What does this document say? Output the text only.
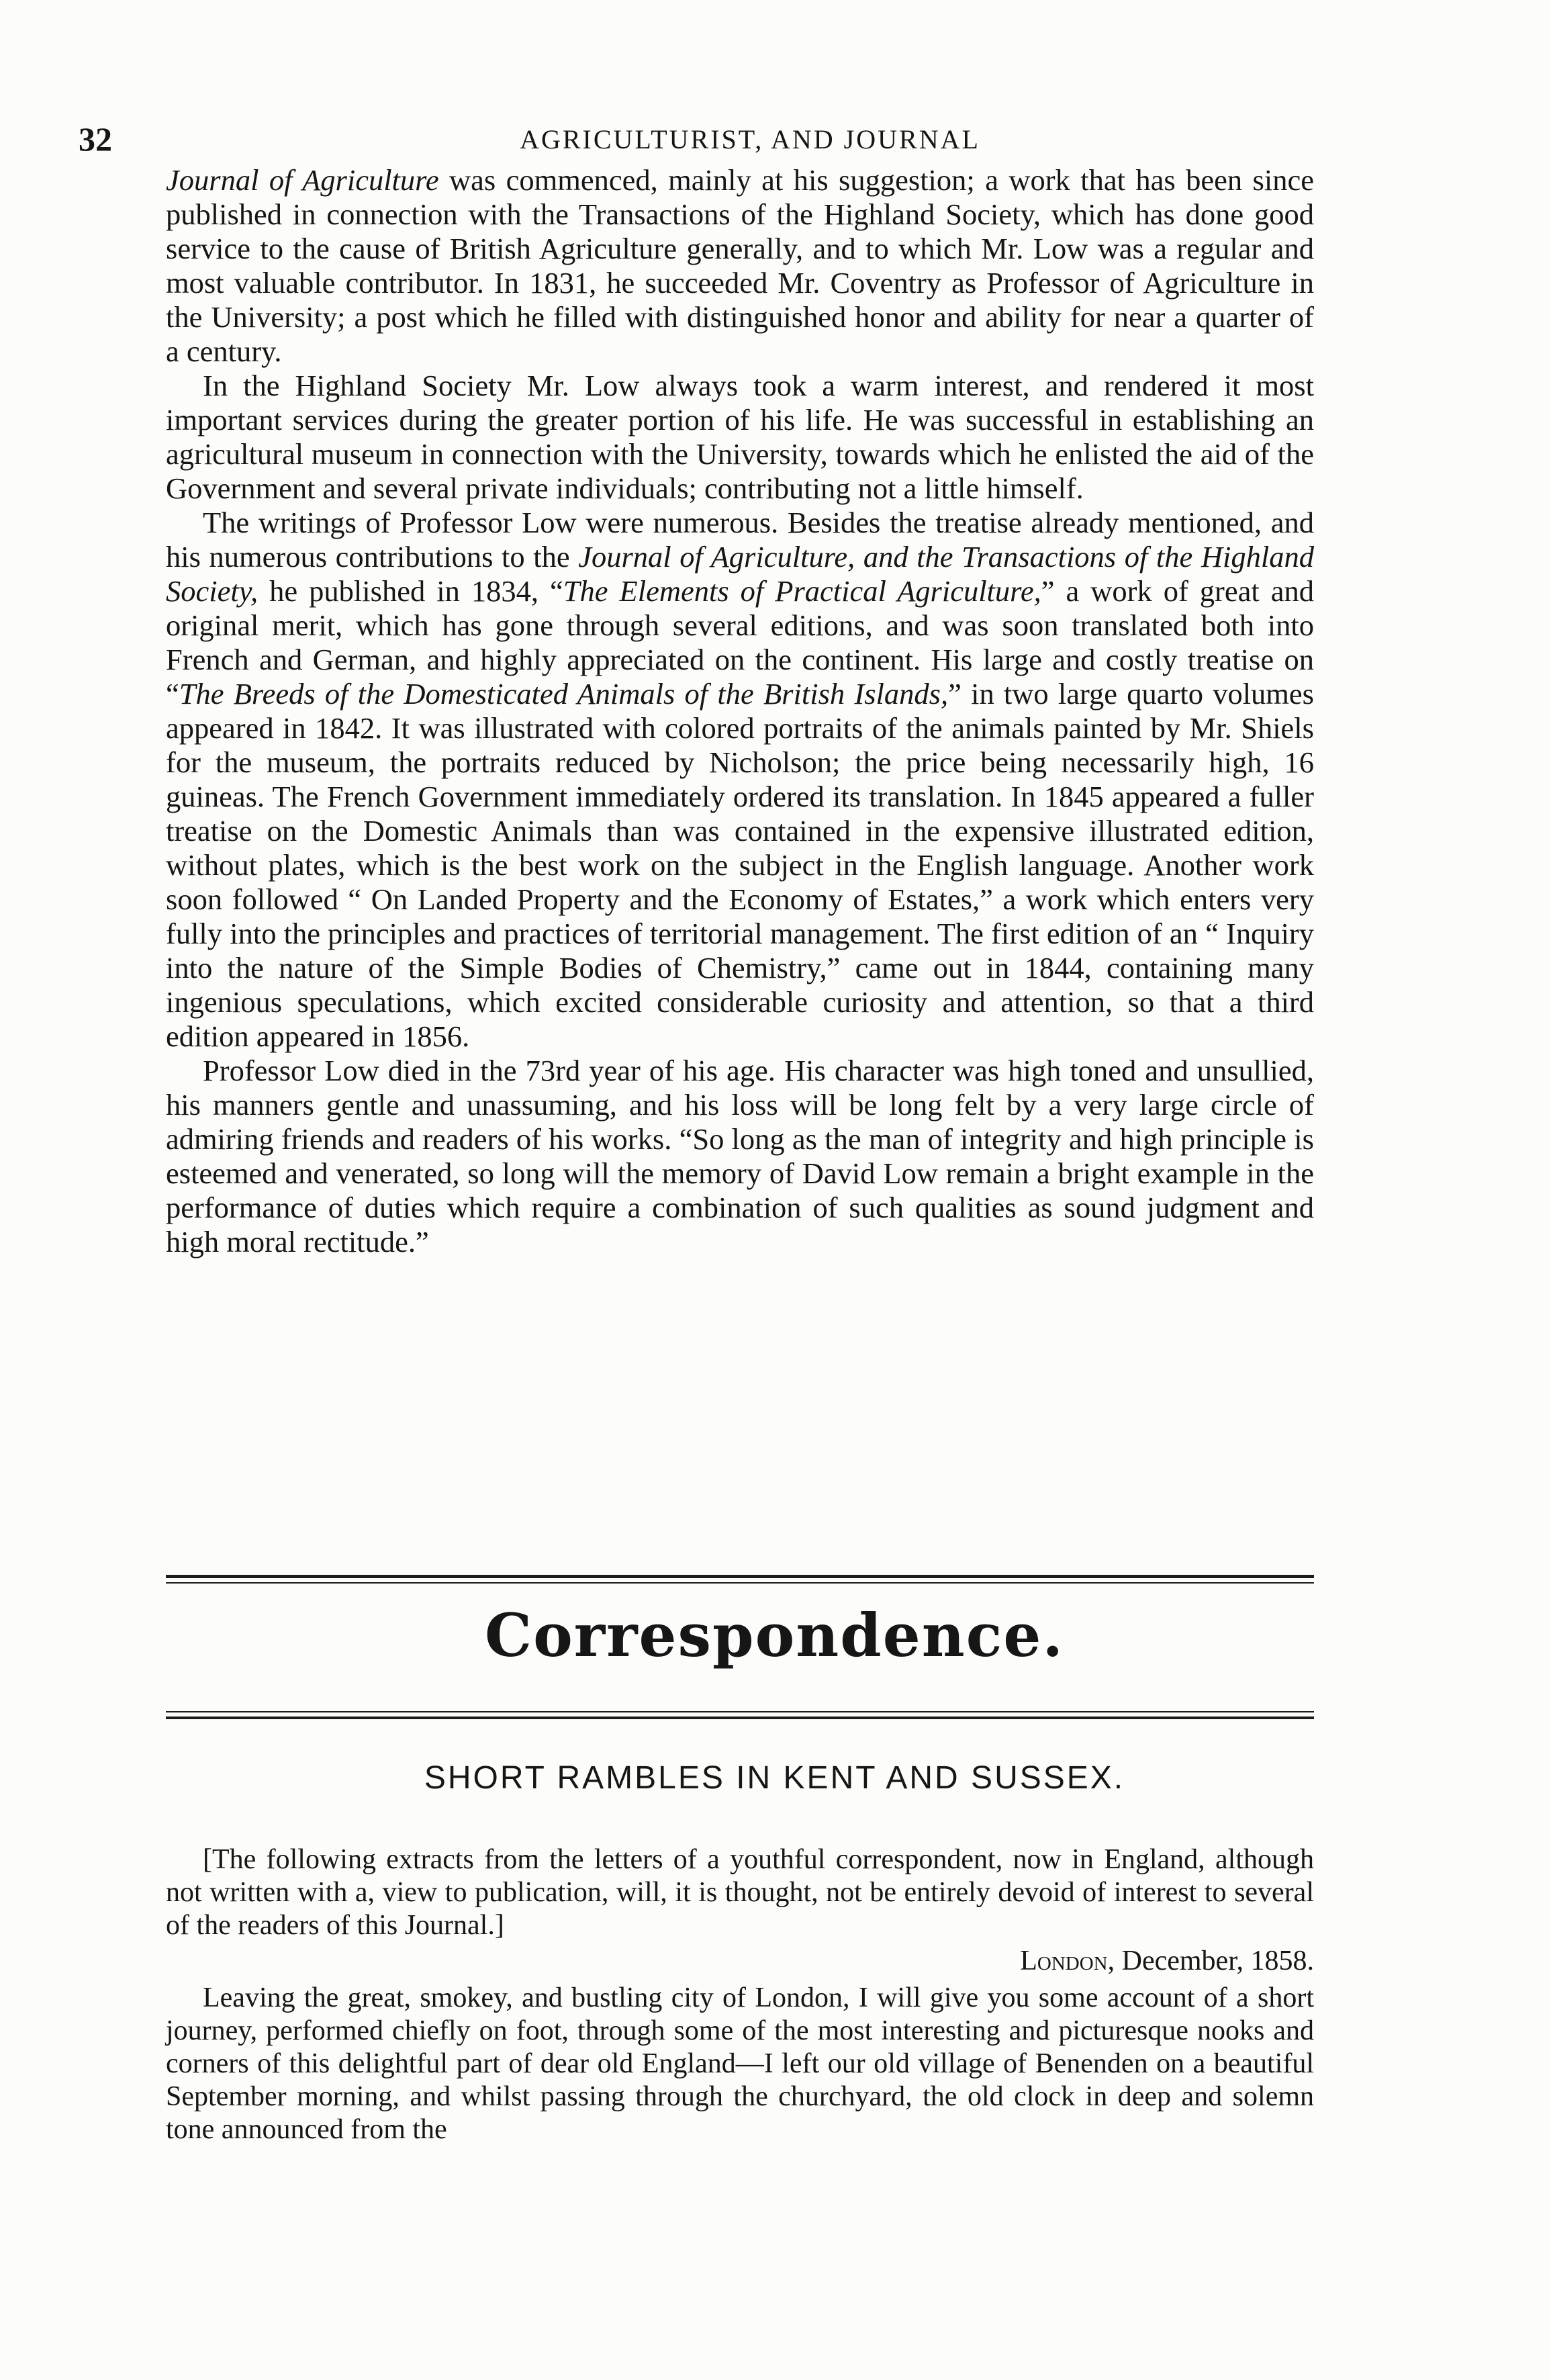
32	AGRICULTURIST, AND JOURNAL

Journal of Agriculture was commenced, mainly at his suggestion; a work that has been since published in connection with the Transactions of the Highland Society, which has done good service to the cause of British Agriculture generally, and to which Mr. Low was a regular and most valuable contributor. In 1831, he succeeded Mr. Coventry as Professor of Agriculture in the University; a post which he filled with distinguished honor and ability for near a quarter of a century.

In the Highland Society Mr. Low always took a warm interest, and rendered it most important services during the greater portion of his life. He was successful in establishing an agricultural museum in connection with the University, towards which he enlisted the aid of the Government and several private individuals; contributing not a little himself.

The writings of Professor Low were numerous. Besides the treatise already mentioned, and his numerous contributions to the Journal of Agriculture, and the Transactions of the Highland Society, he published in 1834, “The Elements of Practical Agriculture,” a work of great and original merit, which has gone through several editions, and was soon translated both into French and German, and highly appreciated on the continent. His large and costly treatise on “The Breeds of the Domesticated Animals of the British Islands,” in two large quarto volumes appeared in 1842. It was illustrated with colored portraits of the animals painted by Mr. Shiels for the museum, the portraits reduced by Nicholson; the price being necessarily high, 16 guineas. The French Government immediately ordered its translation. In 1845 appeared a fuller treatise on the Domestic Animals than was contained in the expensive illustrated edition, without plates, which is the best work on the subject in the English language. Another work soon followed “ On Landed Property and the Economy of Estates,” a work which enters very fully into the principles and practices of territorial management. The first edition of an “ Inquiry into the nature of the Simple Bodies of Chemistry,” came out in 1844, containing many ingenious speculations, which excited considerable curiosity and attention, so that a third edition appeared in 1856.

Professor Low died in the 73rd year of his age. His character was high toned and unsullied, his manners gentle and unassuming, and his loss will be long felt by a very large circle of admiring friends and readers of his works. “So long as the man of integrity and high principle is esteemed and venerated, so long will the memory of David Low remain a bright example in the performance of duties which require a combination of such qualities as sound judgment and high moral rectitude.”

Correspondence.
SHORT RAMBLES IN KENT AND SUSSEX.

[The following extracts from the letters of a youthful correspondent, now in England, although not written with a, view to publication, will, it is thought, not be entirely devoid of interest to several of the readers of this Journal.]

London, December, 1858.

Leaving the great, smokey, and bustling city of London, I will give you some account of a short journey, performed chiefly on foot, through some of the most interesting and picturesque nooks and corners of this delightful part of dear old England—I left our old village of Benenden on a beautiful September morning, and whilst passing through the churchyard, the old clock in deep and solemn tone announced from the
